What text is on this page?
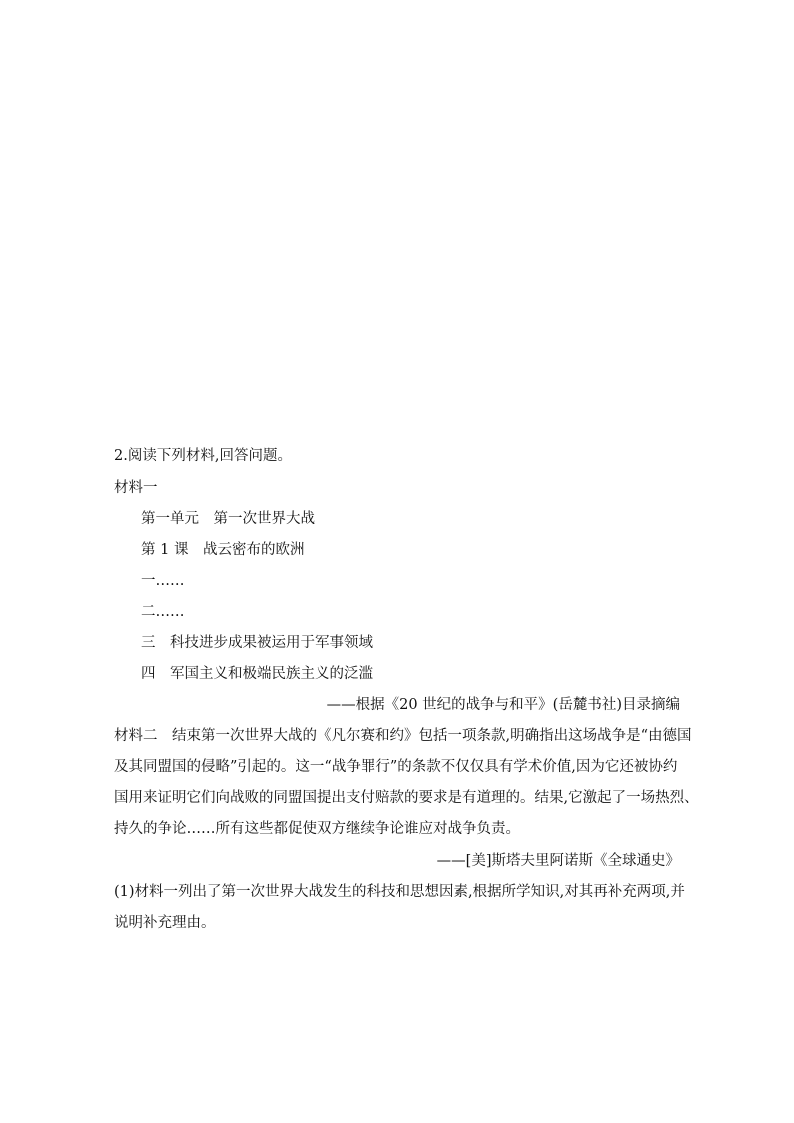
2.阅读下列材料,回答问题。
材料一
第一单元　第一次世界大战
第 1 课　战云密布的欧洲
一……
二……
三　科技进步成果被运用于军事领域
四　军国主义和极端民族主义的泛滥
——根据《20 世纪的战争与和平》(岳麓书社)目录摘编
材料二　结束第一次世界大战的《凡尔赛和约》包括一项条款,明确指出这场战争是“由德国
及其同盟国的侵略”引起的。这一“战争罪行”的条款不仅仅具有学术价值,因为它还被协约
国用来证明它们向战败的同盟国提出支付赔款的要求是有道理的。结果,它激起了一场热烈、
持久的争论……所有这些都促使双方继续争论谁应对战争负责。
——[美]斯塔夫里阿诺斯《全球通史》
(1)材料一列出了第一次世界大战发生的科技和思想因素,根据所学知识,对其再补充两项,并
说明补充理由。
